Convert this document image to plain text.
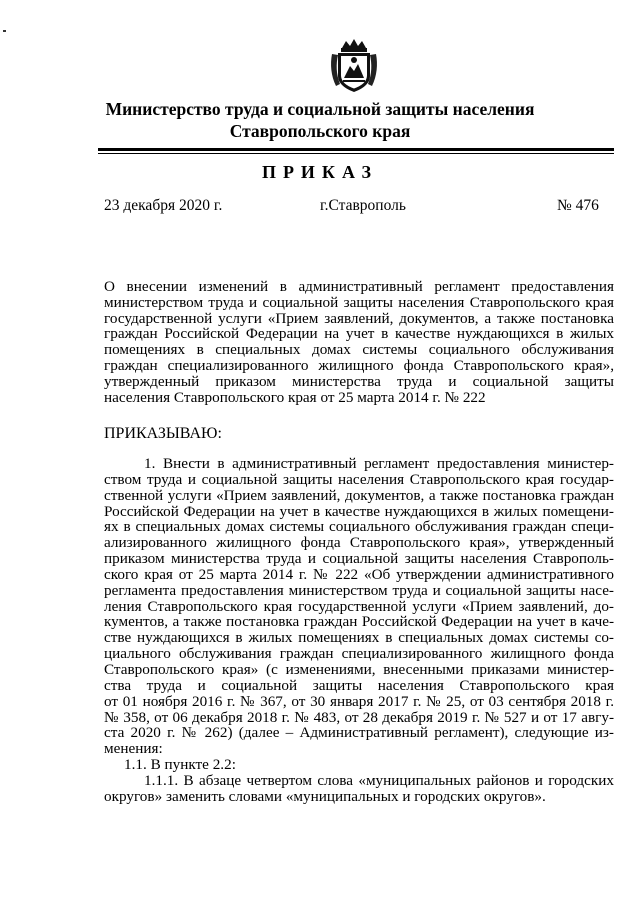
Министерство труда и социальной защиты населения
Ставропольского края
ПРИКАЗ
23 декабря 2020 г.	г.Ставрополь	№ 476
О внесении изменений в административный регламент предоставления
министерством труда и социальной защиты населения Ставропольского края
государственной услуги «Прием заявлений, документов, а также постановка
граждан Российской Федерации на учет в качестве нуждающихся в жилых
помещениях в специальных домах системы социального обслуживания
граждан специализированного жилищного фонда Ставропольского края»,
утвержденный приказом министерства труда и социальной защиты
населения Ставропольского края от 25 марта 2014 г. № 222
ПРИКАЗЫВАЮ:
1. Внести в административный регламент предоставления министер-
ством труда и социальной защиты населения Ставропольского края государ-
ственной услуги «Прием заявлений, документов, а также постановка граждан
Российской Федерации на учет в качестве нуждающихся в жилых помещени-
ях в специальных домах системы социального обслуживания граждан специ-
ализированного жилищного фонда Ставропольского края», утвержденный
приказом министерства труда и социальной защиты населения Ставрополь-
ского края от 25 марта 2014 г. № 222 «Об утверждении административного
регламента предоставления министерством труда и социальной защиты насе-
ления Ставропольского края государственной услуги «Прием заявлений, до-
кументов, а также постановка граждан Российской Федерации на учет в каче-
стве нуждающихся в жилых помещениях в специальных домах системы со-
циального обслуживания граждан специализированного жилищного фонда
Ставропольского края» (с изменениями, внесенными приказами министер-
ства труда и социальной защиты населения Ставропольского края
от 01 ноября 2016 г. № 367, от 30 января 2017 г. № 25, от 03 сентября 2018 г.
№ 358, от 06 декабря 2018 г. № 483, от 28 декабря 2019 г. № 527 и от 17 авгу-
ста 2020 г. № 262) (далее – Административный регламент), следующие из-
менения:
1.1. В пункте 2.2:
1.1.1. В абзаце четвертом слова «муниципальных районов и городских
округов» заменить словами «муниципальных и городских округов».
